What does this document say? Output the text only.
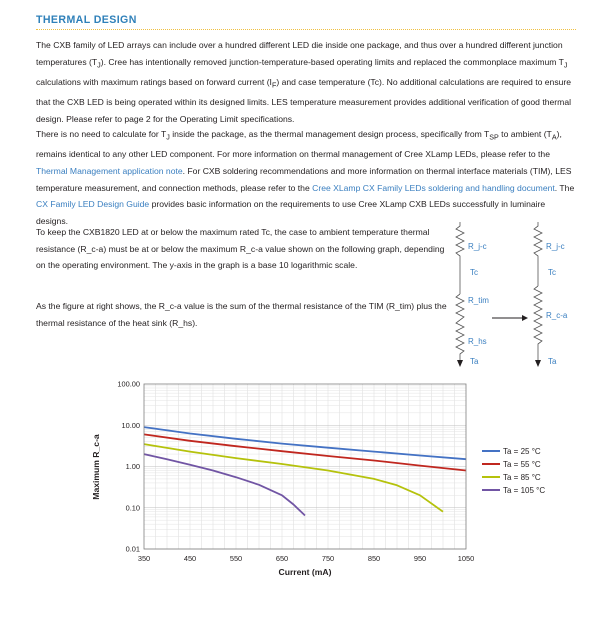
THERMAL DESIGN
The CXB family of LED arrays can include over a hundred different LED die inside one package, and thus over a hundred different junction temperatures $(T_J)$. Cree has intentionally removed junction-temperature-based operating limits and replaced the commonplace maximum $T_J$ calculations with maximum ratings based on forward current $(I_F)$ and case temperature (Tc). No additional calculations are required to ensure that the CXB LED is being operated within its designed limits. LES temperature measurement provides additional verification of good thermal design. Please refer to page 2 for the Operating Limit specifications.
There is no need to calculate for $T_J$ inside the package, as the thermal management design process, specifically from $T_{SP}$ to ambient $(T_A)$, remains identical to any other LED component. For more information on thermal management of Cree XLamp LEDs, please refer to the Thermal Management application note. For CXB soldering recommendations and more information on thermal interface materials (TIM), LES temperature measurement, and connection methods, please refer to the Cree XLamp CX Family LEDs soldering and handling document. The CX Family LED Design Guide provides basic information on the requirements to use Cree XLamp CXB LEDs successfully in luminaire designs.
To keep the CXB1820 LED at or below the maximum rated Tc, the case to ambient temperature thermal resistance (R_c-a) must be at or below the maximum R_c-a value shown on the following graph, depending on the operating environment. The y-axis in the graph is a base 10 logarithmic scale.
As the figure at right shows, the R_c-a value is the sum of the thermal resistance of the TIM (R_tim) plus the thermal resistance of the heat sink (R_hs).
R_j-c
Tc
R_tim
R_hs
Ta
R_j-c
Tc
R_c-a
Ta
0.01
0.10
1.00
10.00
100.00
350	450	550	650	750	850	950	1050
Current (mA)
Maximum R_c-a	Ta = 25 °C
Ta = 55 °C
Ta = 85 °C
Ta = 105 °C
